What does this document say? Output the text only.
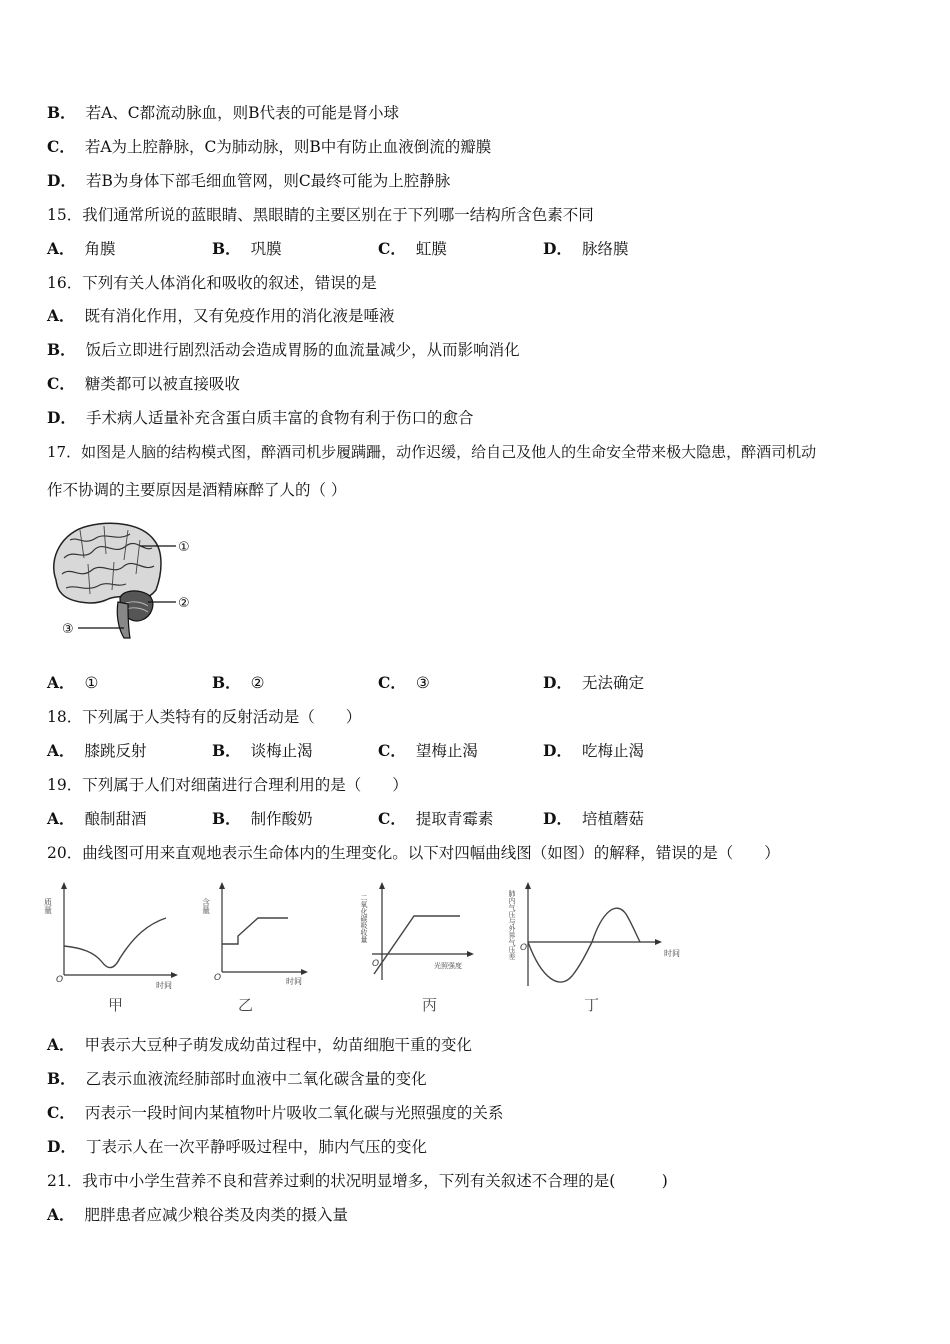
B． 若A、C都流动脉血，则B代表的可能是肾小球
C． 若A为上腔静脉，C为肺动脉，则B中有防止血液倒流的瓣膜
D． 若B为身体下部毛细血管网，则C最终可能为上腔静脉
15．我们通常所说的蓝眼睛、黑眼睛的主要区别在于下列哪一结构所含色素不同
A． 角膜	B． 巩膜	C． 虹膜	D． 脉络膜
16．下列有关人体消化和吸收的叙述，错误的是
A． 既有消化作用，又有免疫作用的消化液是唾液
B． 饭后立即进行剧烈活动会造成胃肠的血流量减少，从而影响消化
C． 糖类都可以被直接吸收
D． 手术病人适量补充含蛋白质丰富的食物有利于伤口的愈合
17．如图是人脑的结构模式图，醉酒司机步履蹒跚，动作迟缓，给自己及他人的生命安全带来极大隐患，醉酒司机动
作不协调的主要原因是酒精麻醉了人的（ ）
①
②
③
A． ①	B． ②	C． ③	D． 无法确定
18．下列属于人类特有的反射活动是（　　）
A． 膝跳反射	B． 谈梅止渴	C． 望梅止渴	D． 吃梅止渴
19．下列属于人们对细菌进行合理利用的是（　　）
A． 酿制甜酒	B． 制作酸奶	C． 提取青霉素	D． 培植蘑菇
20．曲线图可用来直观地表示生命体内的生理变化。以下对四幅曲线图（如图）的解释，错误的是（　　）
质量
时间
O
甲
含量
时间
O
乙
二氧化碳吸收量
光照强度
O
丙
肺内气压与外界气压差	时间
O
丁
A． 甲表示大豆种子萌发成幼苗过程中，幼苗细胞干重的变化
B． 乙表示血液流经肺部时血液中二氧化碳含量的变化
C． 丙表示一段时间内某植物叶片吸收二氧化碳与光照强度的关系
D． 丁表示人在一次平静呼吸过程中，肺内气压的变化
21．我市中小学生营养不良和营养过剩的状况明显增多，下列有关叙述不合理的是(　　　)
A． 肥胖患者应减少粮谷类及肉类的摄入量
